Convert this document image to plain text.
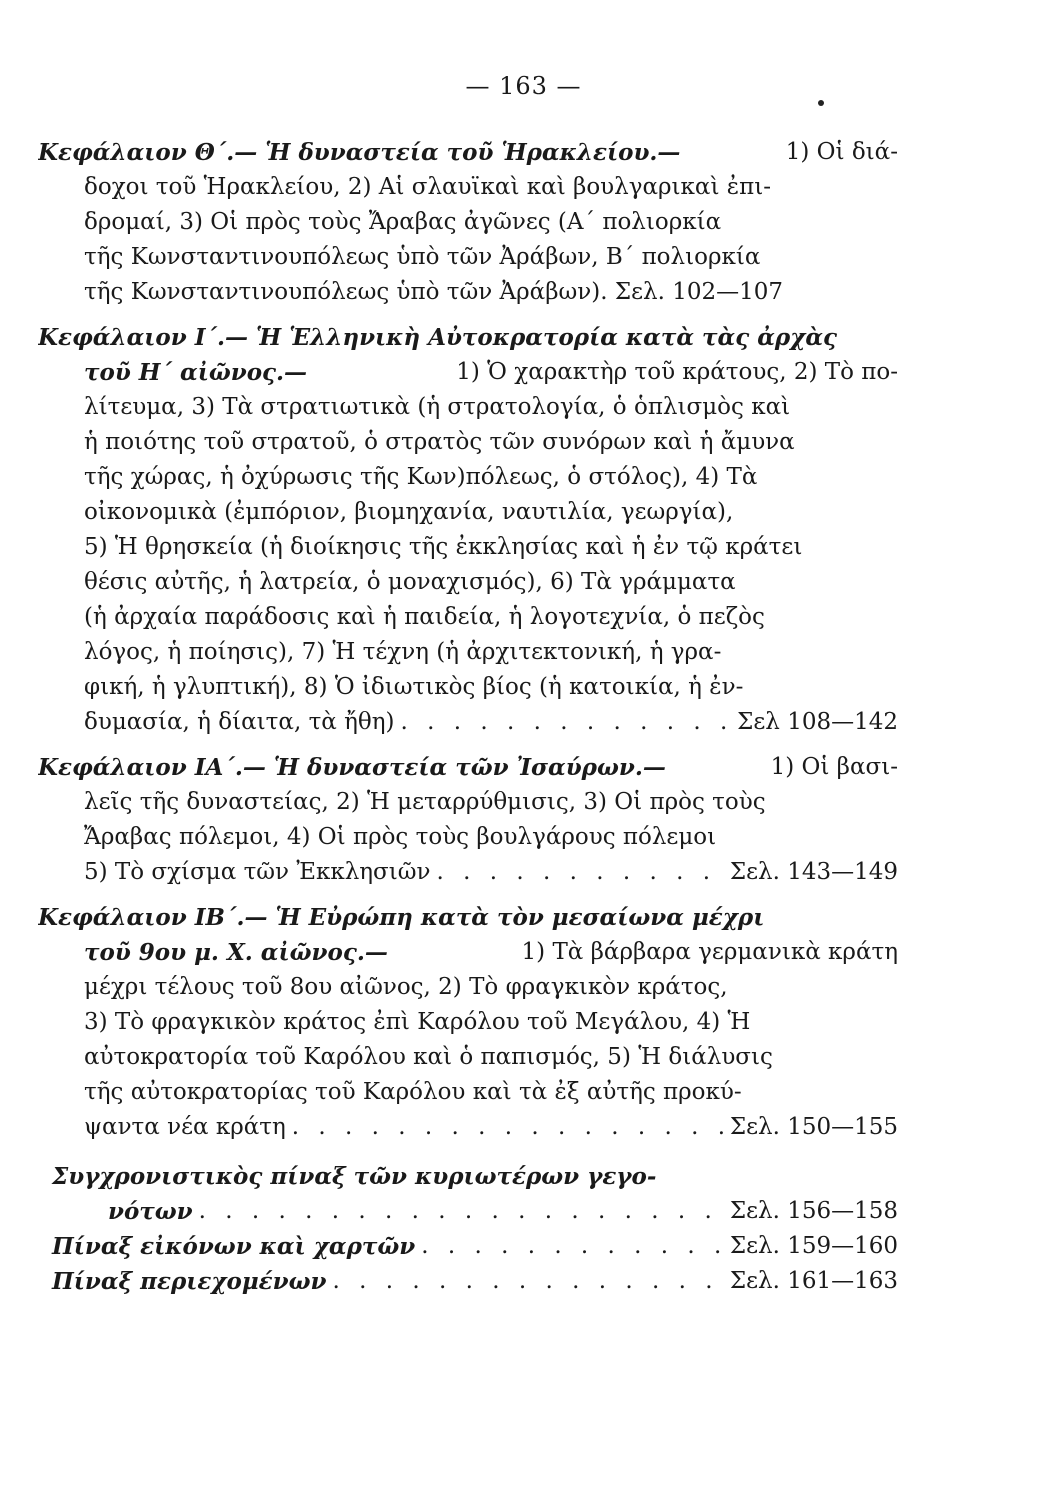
— 163 —
Κεφάλαιον Θ΄.— Ἡ δυναστεία τοῦ Ἡρακλείου.—	1) Οἱ διά-
δοχοι τοῦ Ἡρακλείου, 2) Αἱ σλαυϊκαὶ καὶ βουλγαρικαὶ ἐπι-
δρομαί, 3) Οἱ πρὸς τοὺς Ἄραβας ἀγῶνες (Α΄ πολιορκία
τῆς Κωνσταντινουπόλεως ὑπὸ τῶν Ἀράβων, Β΄ πολιορκία
τῆς Κωνσταντινουπόλεως ὑπὸ τῶν Ἀράβων). Σελ. 102—107
Κεφάλαιον Ι΄.— Ἡ Ἑλληνικὴ Αὐτοκρατορία κατὰ τὰς ἀρχὰς
τοῦ Η΄ αἰῶνος.—	1) Ὁ χαρακτὴρ τοῦ κράτους, 2) Τὸ πο-
λίτευμα, 3) Τὰ στρατιωτικὰ (ἡ στρατολογία, ὁ ὁπλισμὸς καὶ
ἡ ποιότης τοῦ στρατοῦ, ὁ στρατὸς τῶν συνόρων καὶ ἡ ἄμυνα
τῆς χώρας, ἡ ὀχύρωσις τῆς Κων)πόλεως, ὁ στόλος), 4) Τὰ
οἰκονομικὰ (ἐμπόριον, βιομηχανία, ναυτιλία, γεωργία),
5) Ἡ θρησκεία (ἡ διοίκησις τῆς ἐκκλησίας καὶ ἡ ἐν τῷ κράτει
θέσις αὐτῆς, ἡ λατρεία, ὁ μοναχισμός), 6) Τὰ γράμματα
(ἡ ἀρχαία παράδοσις καὶ ἡ παιδεία, ἡ λογοτεχνία, ὁ πεζὸς
λόγος, ἡ ποίησις), 7) Ἡ τέχνη (ἡ ἀρχιτεκτονική, ἡ γρα-
φική, ἡ γλυπτική), 8) Ὁ ἰδιωτικὸς βίος (ἡ κατοικία, ἡ ἐν-
δυμασία, ἡ δίαιτα, τὰ ἤθη) . . .	Σελ 108—142
Κεφάλαιον ΙΑ΄.— Ἡ δυναστεία τῶν Ἰσαύρων.—	1) Οἱ βασι-
λεῖς τῆς δυναστείας, 2) Ἡ μεταρρύθμισις, 3) Οἱ πρὸς τοὺς
Ἄραβας πόλεμοι, 4) Οἱ πρὸς τοὺς βουλγάρους πόλεμοι
5) Τὸ σχίσμα τῶν Ἐκκλησιῶν . . .	Σελ. 143—149
Κεφάλαιον ΙΒ΄.— Ἡ Εὐρώπη κατὰ τὸν μεσαίωνα μέχρι
τοῦ 9ου μ. Χ. αἰῶνος.—	1) Τὰ βάρβαρα γερμανικὰ κράτη
μέχρι τέλους τοῦ 8ου αἰῶνος, 2) Τὸ φραγκικὸν κράτος,
3) Τὸ φραγκικὸν κράτος ἐπὶ Καρόλου τοῦ Μεγάλου, 4) Ἡ
αὐτοκρατορία τοῦ Καρόλου καὶ ὁ παπισμός, 5) Ἡ διάλυσις
τῆς αὐτοκρατορίας τοῦ Καρόλου καὶ τὰ ἐξ αὐτῆς προκύ-
ψαντα νέα κράτη . . .	Σελ. 150—155
Συγχρονιστικὸς πίναξ τῶν κυριωτέρων γεγο-
νότων . . .	Σελ. 156—158
Πίναξ εἰκόνων καὶ χαρτῶν . . .	Σελ. 159—160
Πίναξ περιεχομένων . . .	Σελ. 161—163
